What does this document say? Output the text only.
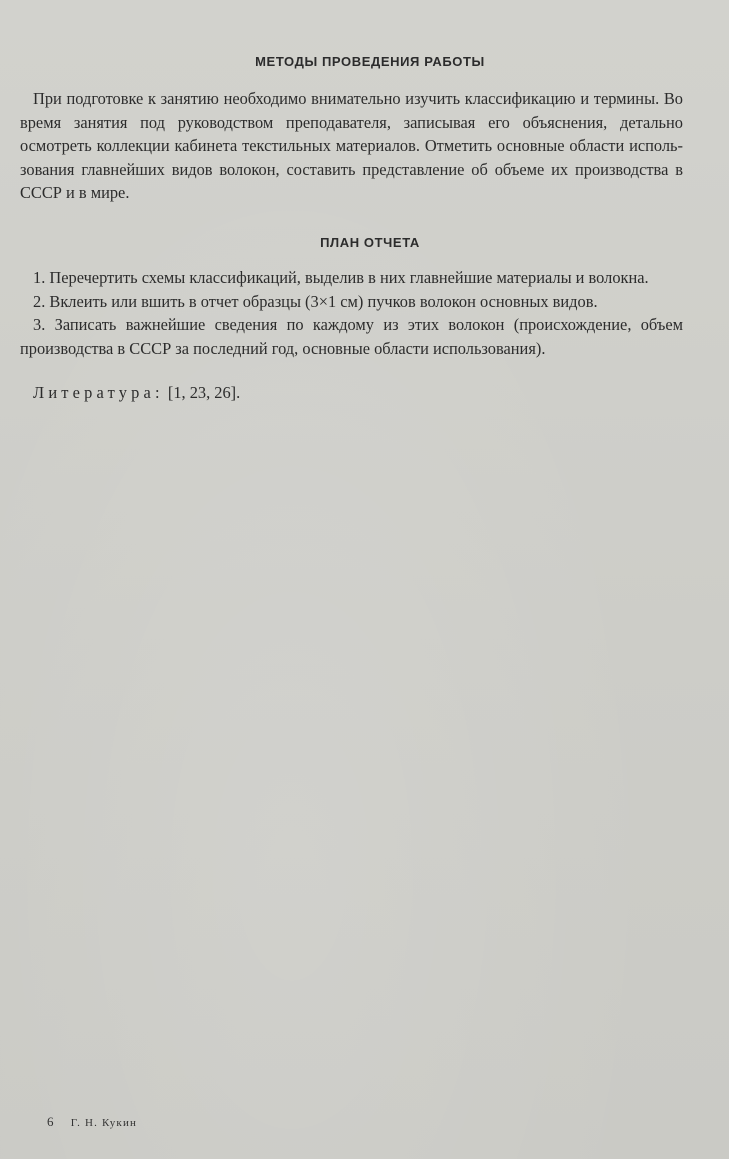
МЕТОДЫ ПРОВЕДЕНИЯ РАБОТЫ

При подготовке к занятию необходимо внимательно изучить классификацию и термины. Во время занятия под руководством преподавателя, записывая его объяснения, детально осмотреть коллекции кабинета текстильных материалов. Отметить основные области использования главнейших видов волокон, составить представление об объеме их производства в СССР и в мире.

ПЛАН ОТЧЕТА

1. Перечертить схемы классификаций, выделив в них главнейшие материалы и волокна.

2. Вклеить или вшить в отчет образцы (3×1 см) пучков волокон основных видов.

3. Записать важнейшие сведения по каждому из этих волокон (происхождение, объем производства в СССР за последний год, основные области использования).

Литература: [1, 23, 26].

6 Г. Н. Кукин
